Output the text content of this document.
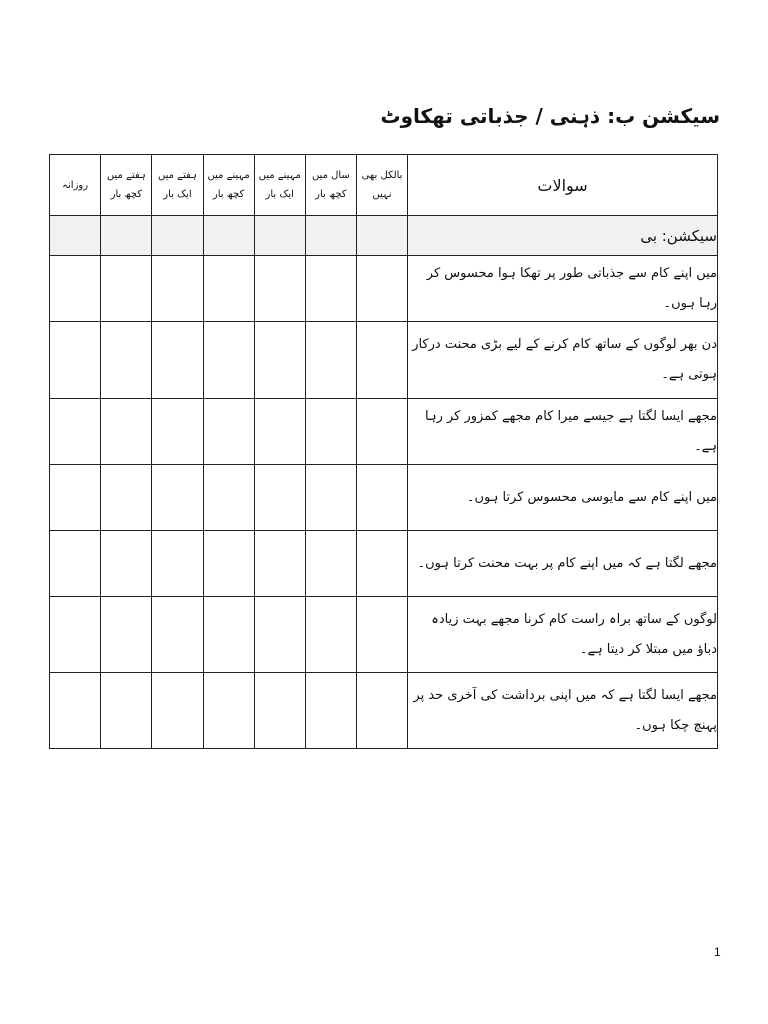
سیکشن ب: ذہنی / جذباتی تھکاوٹ
سوالات	بالکل بھی نہیں	سال میں کچھ بار	مہینے میں ایک بار	مہینے میں کچھ بار	ہفتے میں ایک بار	ہفتے میں کچھ بار	روزانہ
سیکشن: بی							
میں اپنے کام سے جذباتی طور پر تھکا ہوا محسوس کر رہا ہوں۔							
دن بھر لوگوں کے ساتھ کام کرنے کے لیے بڑی محنت درکار ہوتی ہے۔							
مجھے ایسا لگتا ہے جیسے میرا کام مجھے کمزور کر رہا ہے۔							
میں اپنے کام سے مایوسی محسوس کرتا ہوں۔							
مجھے لگتا ہے کہ میں اپنے کام پر بہت محنت کرتا ہوں۔							
لوگوں کے ساتھ براہ راست کام کرنا مجھے بہت زیادہ دباؤ میں مبتلا کر دیتا ہے۔							
مجھے ایسا لگتا ہے کہ میں اپنی برداشت کی آخری حد پر پہنچ چکا ہوں۔							
1
